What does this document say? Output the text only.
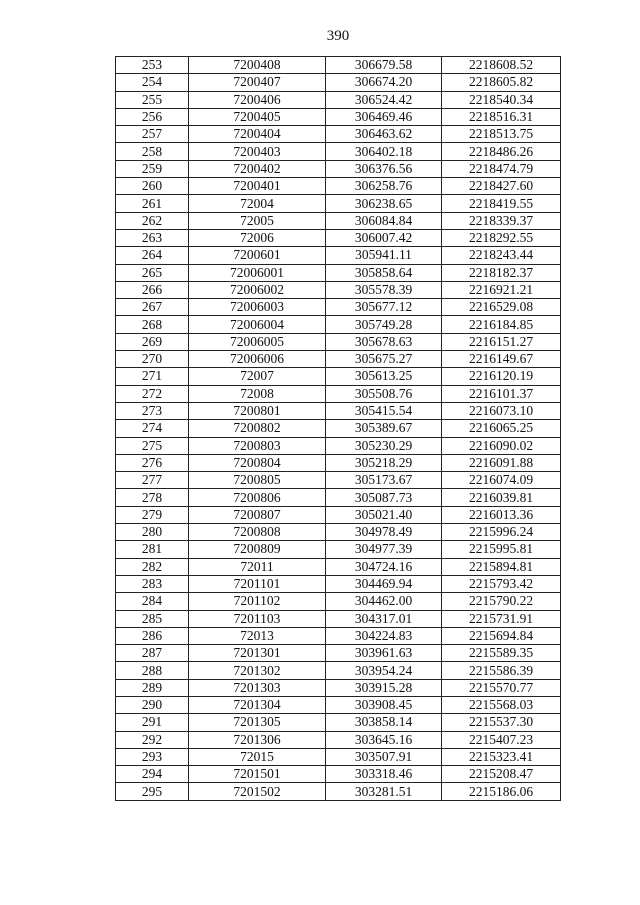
390
253	7200408	306679.58	2218608.52
254	7200407	306674.20	2218605.82
255	7200406	306524.42	2218540.34
256	7200405	306469.46	2218516.31
257	7200404	306463.62	2218513.75
258	7200403	306402.18	2218486.26
259	7200402	306376.56	2218474.79
260	7200401	306258.76	2218427.60
261	72004	306238.65	2218419.55
262	72005	306084.84	2218339.37
263	72006	306007.42	2218292.55
264	7200601	305941.11	2218243.44
265	72006001	305858.64	2218182.37
266	72006002	305578.39	2216921.21
267	72006003	305677.12	2216529.08
268	72006004	305749.28	2216184.85
269	72006005	305678.63	2216151.27
270	72006006	305675.27	2216149.67
271	72007	305613.25	2216120.19
272	72008	305508.76	2216101.37
273	7200801	305415.54	2216073.10
274	7200802	305389.67	2216065.25
275	7200803	305230.29	2216090.02
276	7200804	305218.29	2216091.88
277	7200805	305173.67	2216074.09
278	7200806	305087.73	2216039.81
279	7200807	305021.40	2216013.36
280	7200808	304978.49	2215996.24
281	7200809	304977.39	2215995.81
282	72011	304724.16	2215894.81
283	7201101	304469.94	2215793.42
284	7201102	304462.00	2215790.22
285	7201103	304317.01	2215731.91
286	72013	304224.83	2215694.84
287	7201301	303961.63	2215589.35
288	7201302	303954.24	2215586.39
289	7201303	303915.28	2215570.77
290	7201304	303908.45	2215568.03
291	7201305	303858.14	2215537.30
292	7201306	303645.16	2215407.23
293	72015	303507.91	2215323.41
294	7201501	303318.46	2215208.47
295	7201502	303281.51	2215186.06
